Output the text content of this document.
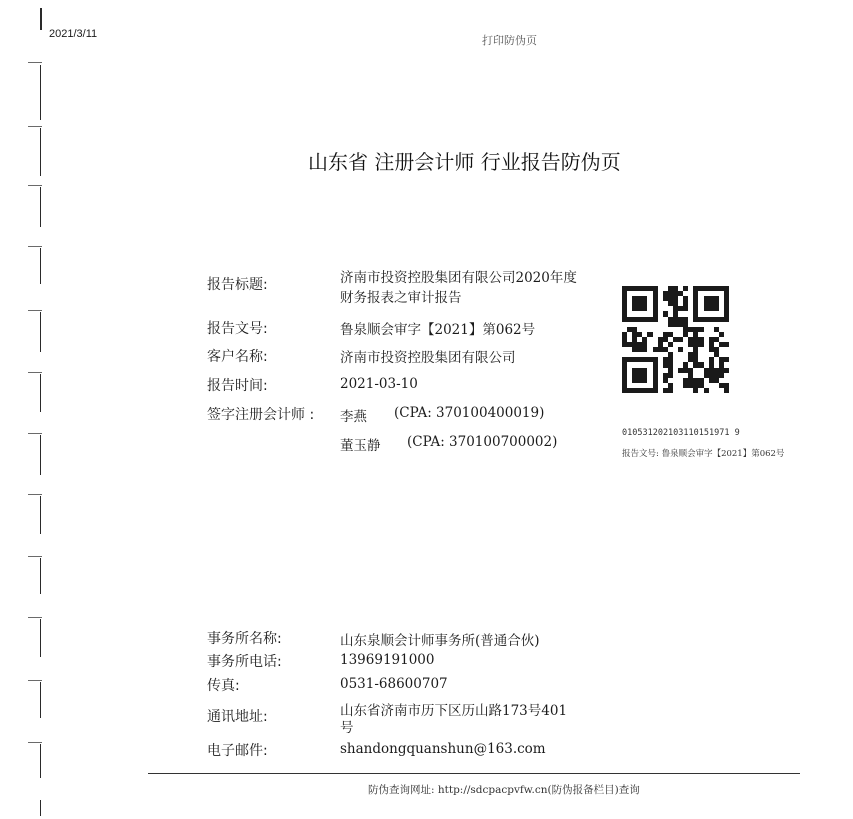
2021/3/11	打印防伪页
山东省 注册会计师 行业报告防伪页
报告标题:	济南市投资控股集团有限公司2020年度
财务报表之审计报告
报告文号:	鲁泉顺会审字【2021】第062号
客户名称:	济南市投资控股集团有限公司
报告时间:	2021-03-10
签字注册会计师 : 李燕 (CPA: 370100400019)
董玉静 (CPA: 370100700002)
010531202103110151971 9
报告文号: 鲁泉顺会审字【2021】第062号
事务所名称:	山东泉顺会计师事务所(普通合伙)
事务所电话:	13969191000
传真:	0531-68600707
通讯地址:	山东省济南市历下区历山路173号401
号
电子邮件:	shandongquanshun@163.com
防伪查询网址: http://sdcpacpvfw.cn(防伪报备栏目)查询
